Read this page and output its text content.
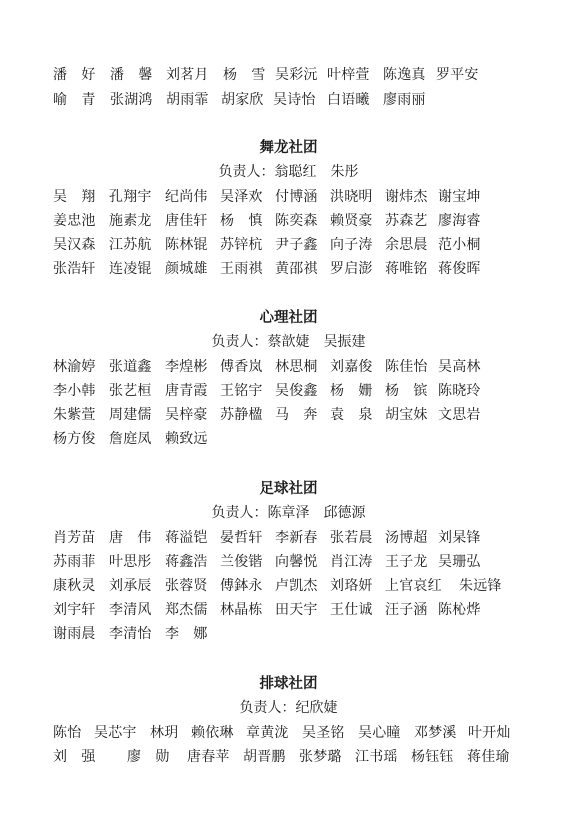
潘　好 潘　馨 刘茗月 杨　雪 吴彩沅 叶梓萱 陈逸真 罗平安
喻　青 张湖鸿 胡雨霏 胡家欣 吴诗怡 白语曦 廖雨丽
舞龙社团
负责人：翁聪红　朱彤
吴　翔 孔翔宇 纪尚伟 吴泽欢 付博涵 洪晓明 谢炜杰 谢宝坤
姜忠池 施素龙 唐佳轩 杨　慎 陈奕森 赖贤豪 苏森艺 廖海睿
吴汉森 江苏航 陈林锟 苏锌杭 尹子鑫 向子涛 余思晨 范小桐
张浩轩 连凌锟 颜城雄 王雨祺 黄邵祺 罗启澎 蒋唯铭 蒋俊晖
心理社团
负责人：蔡歆婕　吴振建
林渝婷 张道鑫 李煌彬 傅香岚 林思桐 刘嘉俊 陈佳怡 吴高林
李小韩 张艺桓 唐青霞 王铭宇 吴俊鑫 杨　姗 杨　镔 陈晓玲
朱紫萱 周建儒 吴梓豪 苏静楹 马　奔 袁　泉 胡宝妹 文思岩
杨方俊 詹庭凤 赖致远
足球社团
负责人：陈章泽　邱德源
肖芳苗 唐　伟 蒋溢铠 晏哲轩 李新春 张若晨 汤博超 刘杲锋
苏雨菲 叶思彤 蒋鑫浩 兰俊锴 向馨悦 肖江涛 王子龙 吴珊弘
康秋灵 刘承辰 张蓉贤 傅鉢永 卢凯杰 刘珞妍 上官哀红 朱远锋
刘宇轩 李清风 郑杰儒 林晶栋 田天宇 王仕诚 汪子涵 陈杺烨
谢雨晨 李清怡 李　娜
排球社团
负责人：纪欣婕
陈怡 吴芯宇 林玥 赖依琳 章黄泷 吴圣铭 吴心瞳 邓梦溪 叶开灿
刘　强 廖　勋 唐春苹 胡晋鹏 张梦璐 江书瑶 杨钰钰 蒋佳瑜
